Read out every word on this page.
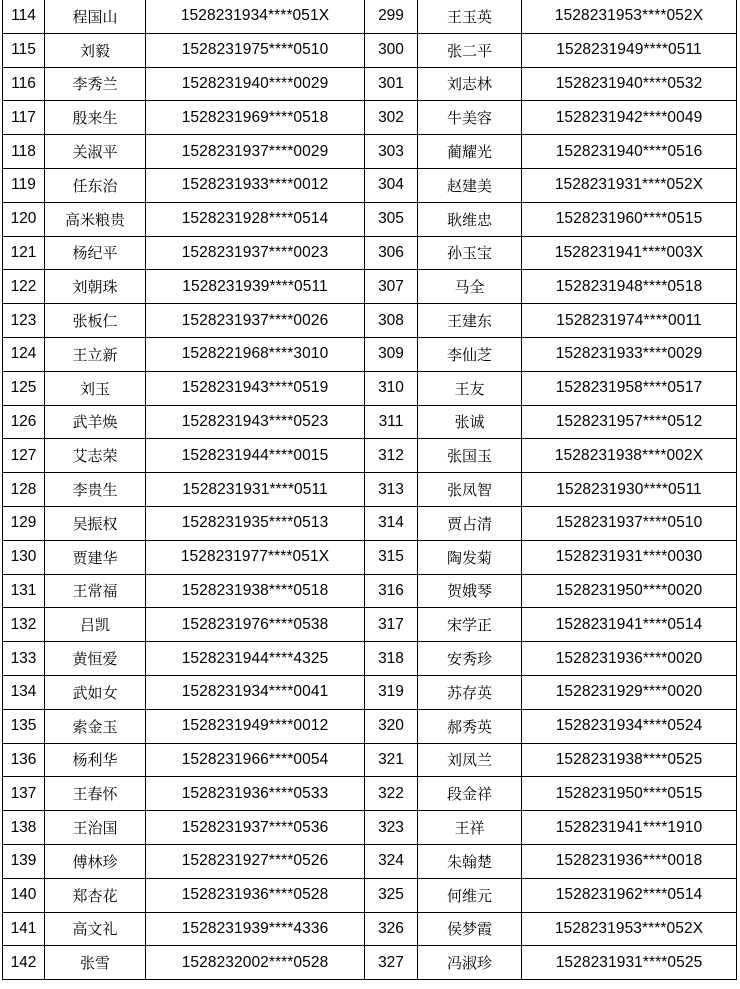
114	程国山	1528231934****051X	299	王玉英	1528231953****052X
115	刘毅	1528231975****0510	300	张二平	1528231949****0511
116	李秀兰	1528231940****0029	301	刘志林	1528231940****0532
117	殷来生	1528231969****0518	302	牛美容	1528231942****0049
118	关淑平	1528231937****0029	303	蔺耀光	1528231940****0516
119	任东治	1528231933****0012	304	赵建美	1528231931****052X
120	高米粮贵	1528231928****0514	305	耿维忠	1528231960****0515
121	杨纪平	1528231937****0023	306	孙玉宝	1528231941****003X
122	刘朝珠	1528231939****0511	307	马全	1528231948****0518
123	张板仁	1528231937****0026	308	王建东	1528231974****0011
124	王立新	1528221968****3010	309	李仙芝	1528231933****0029
125	刘玉	1528231943****0519	310	王友	1528231958****0517
126	武羊焕	1528231943****0523	311	张诚	1528231957****0512
127	艾志荣	1528231944****0015	312	张国玉	1528231938****002X
128	李贵生	1528231931****0511	313	张凤智	1528231930****0511
129	吴振权	1528231935****0513	314	贾占清	1528231937****0510
130	贾建华	1528231977****051X	315	陶发菊	1528231931****0030
131	王常福	1528231938****0518	316	贺娥琴	1528231950****0020
132	吕凯	1528231976****0538	317	宋学正	1528231941****0514
133	黄恒爱	1528231944****4325	318	安秀珍	1528231936****0020
134	武如女	1528231934****0041	319	苏存英	1528231929****0020
135	索金玉	1528231949****0012	320	郝秀英	1528231934****0524
136	杨利华	1528231966****0054	321	刘凤兰	1528231938****0525
137	王春怀	1528231936****0533	322	段金祥	1528231950****0515
138	王治国	1528231937****0536	323	王祥	1528231941****1910
139	傅林珍	1528231927****0526	324	朱翰楚	1528231936****0018
140	郑杏花	1528231936****0528	325	何维元	1528231962****0514
141	高文礼	1528231939****4336	326	侯梦霞	1528231953****052X
142	张雪	1528232002****0528	327	冯淑珍	1528231931****0525
